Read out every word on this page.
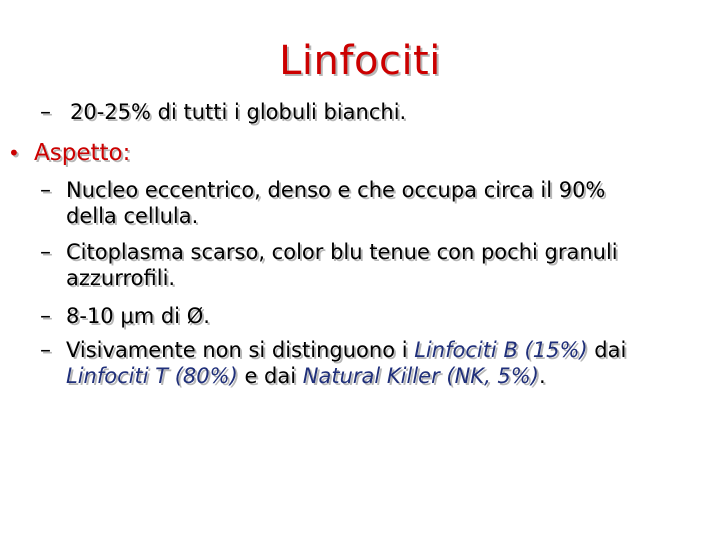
Linfociti
– 20-25% di tutti i globuli bianchi.
• Aspetto:
– Nucleo eccentrico, denso e che occupa circa il 90%
della cellula.
– Citoplasma scarso, color blu tenue con pochi granuli
azzurrofili.
– 8-10 μm di Ø.
– Visivamente non si distinguono i Linfociti B (15%) dai
Linfociti T (80%) e dai Natural Killer (NK, 5%).
